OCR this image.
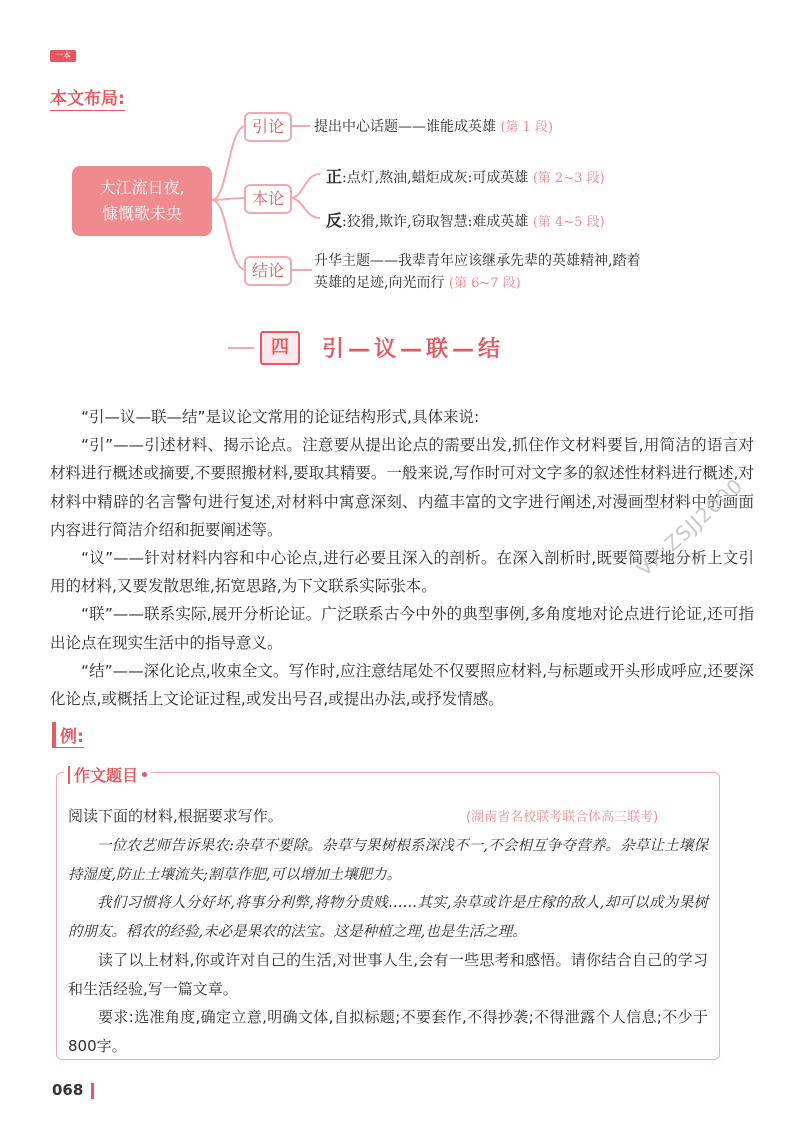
一本
本文布局:
大江流日夜,
慷慨歌未央
引论
本论
结论
提出中心话题——谁能成英雄 (第 1 段)
正:点灯,熬油,蜡炬成灰:可成英雄 (第 2~3 段)
反:狡猾,欺诈,窃取智慧:难成英雄 (第 4~5 段)
升华主题——我辈青年应该继承先辈的英雄精神,踏着
英雄的足迹,向光而行 (第 6~7 段)
四	引—议—联—结

“引—议—联—结”是议论文常用的论证结构形式,具体来说:

“引”——引述材料、揭示论点。注意要从提出论点的需要出发,抓住作文材料要旨,用简洁的语言对材料进行概述或摘要,不要照搬材料,要取其精要。一般来说,写作时可对文字多的叙述性材料进行概述,对材料中精辟的名言警句进行复述,对材料中寓意深刻、内蕴丰富的文字进行阐述,对漫画型材料中的画面内容进行简洁介绍和扼要阐述等。

“议”——针对材料内容和中心论点,进行必要且深入的剖析。在深入剖析时,既要简要地分析上文引用的材料,又要发散思维,拓宽思路,为下文联系实际张本。

“联”——联系实际,展开分析论证。广泛联系古今中外的典型事例,多角度地对论点进行论证,还可指出论点在现实生活中的指导意义。

“结”——深化论点,收束全文。写作时,应注意结尾处不仅要照应材料,与标题或开头形成呼应,还要深化论点,或概括上文论证过程,或发出号召,或提出办法,或抒发情感。

例:
作文题目
阅读下面的材料,根据要求写作。	(湖南省名校联考联合体高三联考)

一位农艺师告诉果农:杂草不要除。杂草与果树根系深浅不一,不会相互争夺营养。杂草让土壤保持湿度,防止土壤流失;割草作肥,可以增加土壤肥力。

我们习惯将人分好坏,将事分利弊,将物分贵贱……其实,杂草或许是庄稼的敌人,却可以成为果树的朋友。稻农的经验,未必是果农的法宝。这是种植之理,也是生活之理。

读了以上材料,你或许对自己的生活,对世事人生,会有一些思考和感悟。请你结合自己的学习和生活经验,写一篇文章。

要求:选准角度,确定立意,明确文体,自拟标题;不要套作,不得抄袭;不得泄露个人信息;不少于800字。

068
VX:ZSJJ2000
